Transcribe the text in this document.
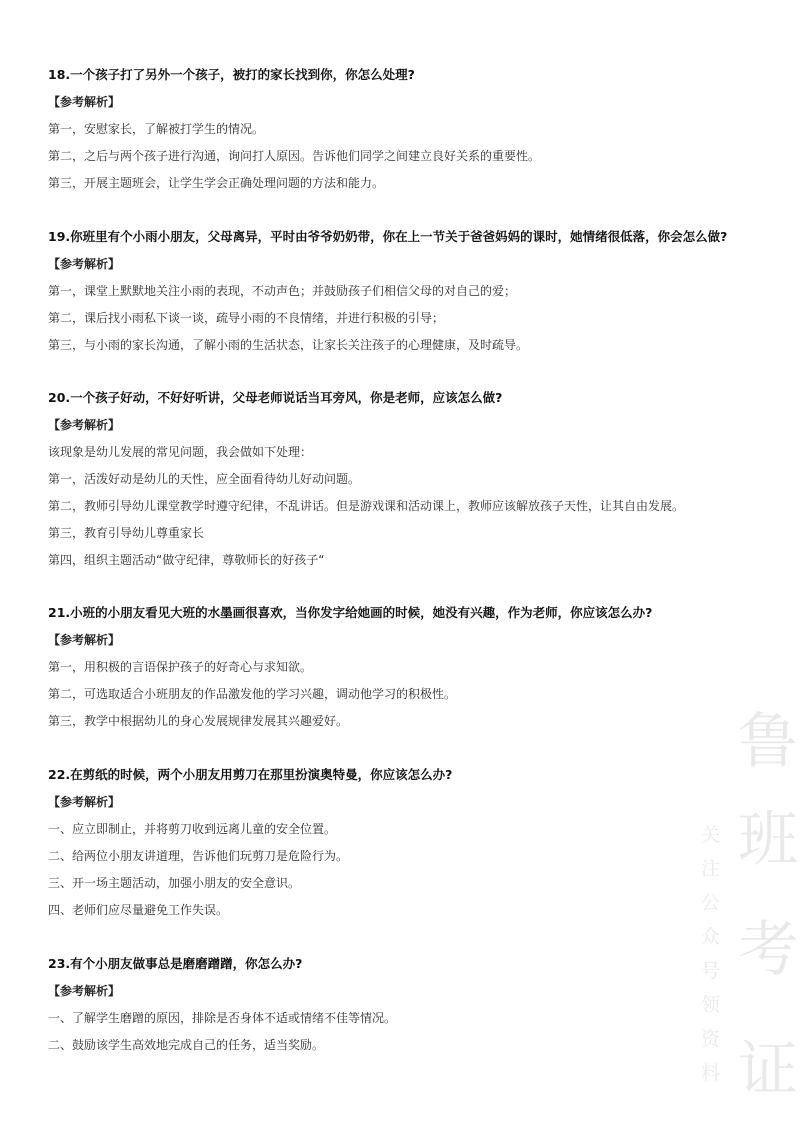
18.一个孩子打了另外一个孩子，被打的家长找到你，你怎么处理?
【参考解析】
第一，安慰家长，了解被打学生的情况。
第二，之后与两个孩子进行沟通，询问打人原因。告诉他们同学之间建立良好关系的重要性。
第三，开展主题班会，让学生学会正确处理问题的方法和能力。
19.你班里有个小雨小朋友，父母离异，平时由爷爷奶奶带，你在上一节关于爸爸妈妈的课时，她情绪很低落，你会怎么做?
【参考解析】
第一，课堂上默默地关注小雨的表现，不动声色；并鼓励孩子们相信父母的对自己的爱；
第二，课后找小雨私下谈一谈，疏导小雨的不良情绪，并进行积极的引导；
第三，与小雨的家长沟通，了解小雨的生活状态，让家长关注孩子的心理健康，及时疏导。
20.一个孩子好动，不好好听讲，父母老师说话当耳旁风，你是老师，应该怎么做?
【参考解析】
该现象是幼儿发展的常见问题，我会做如下处理：
第一，活泼好动是幼儿的天性，应全面看待幼儿好动问题。
第二，教师引导幼儿课堂教学时遵守纪律，不乱讲话。但是游戏课和活动课上，教师应该解放孩子天性，让其自由发展。
第三，教育引导幼儿尊重家长
第四，组织主题活动“做守纪律，尊敬师长的好孩子“
21.小班的小朋友看见大班的水墨画很喜欢，当你发字给她画的时候，她没有兴趣，作为老师，你应该怎么办?
【参考解析】
第一，用积极的言语保护孩子的好奇心与求知欲。
第二，可选取适合小班朋友的作品激发他的学习兴趣，调动他学习的积极性。
第三，教学中根据幼儿的身心发展规律发展其兴趣爱好。
22.在剪纸的时候，两个小朋友用剪刀在那里扮演奥特曼，你应该怎么办?
【参考解析】
一、应立即制止，并将剪刀收到远离儿童的安全位置。
二、给两位小朋友讲道理，告诉他们玩剪刀是危险行为。
三、开一场主题活动，加强小朋友的安全意识。
四、老师们应尽量避免工作失误。
23.有个小朋友做事总是磨磨蹭蹭，你怎么办?
【参考解析】
一、了解学生磨蹭的原因，排除是否身体不适或情绪不佳等情况。
二、鼓励该学生高效地完成自己的任务，适当奖励。
鲁
班
考
证
关
注
公
众
号
领
资
料
